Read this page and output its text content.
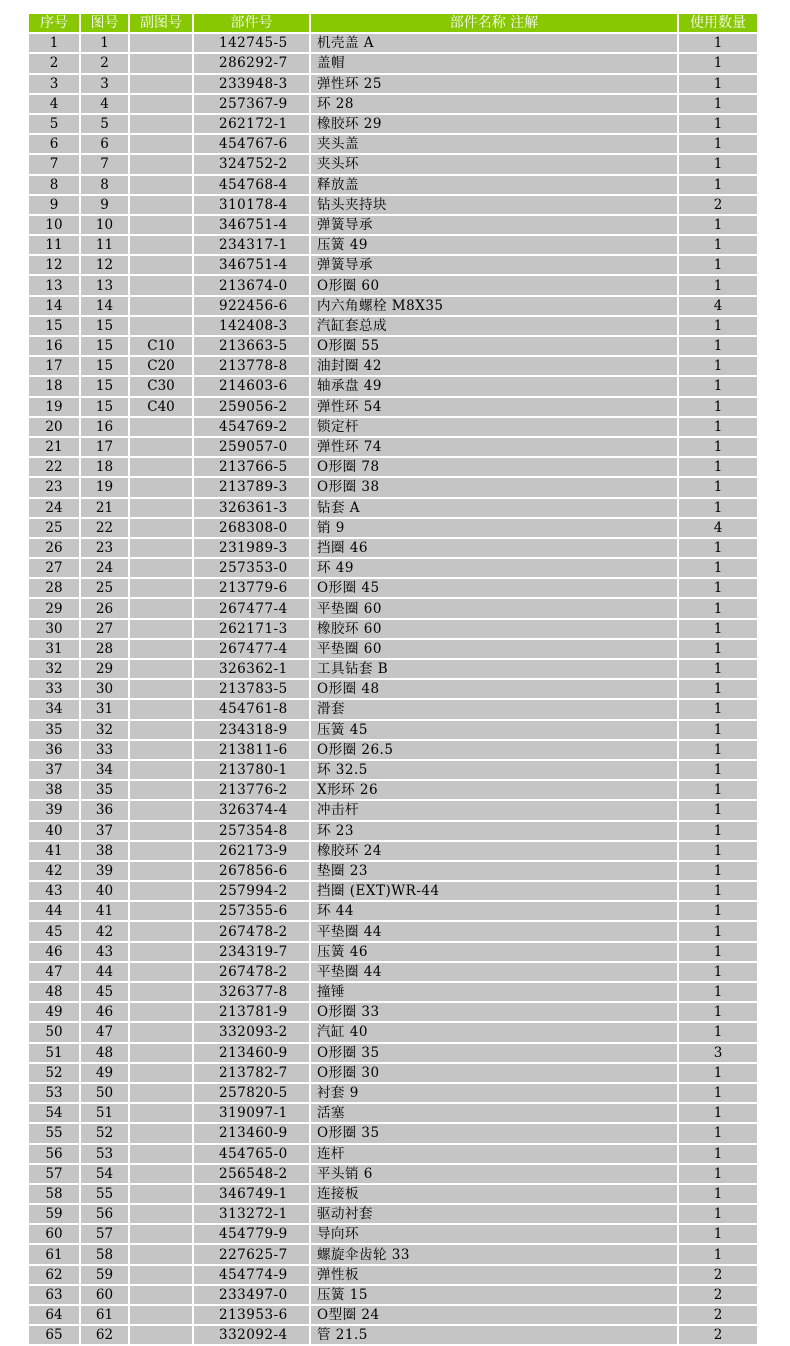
序号	图号	副图号	部件号	部件名称 注解	使用数量
1	1		142745-5	机壳盖 A	1
2	2		286292-7	盖帽	1
3	3		233948-3	弹性环 25	1
4	4		257367-9	环 28	1
5	5		262172-1	橡胶环 29	1
6	6		454767-6	夹头盖	1
7	7		324752-2	夹头环	1
8	8		454768-4	释放盖	1
9	9		310178-4	钻头夹持块	2
10	10		346751-4	弹簧导承	1
11	11		234317-1	压簧 49	1
12	12		346751-4	弹簧导承	1
13	13		213674-0	O形圈 60	1
14	14		922456-6	内六角螺栓 M8X35	4
15	15		142408-3	汽缸套总成	1
16	15	C10	213663-5	O形圈 55	1
17	15	C20	213778-8	油封圈 42	1
18	15	C30	214603-6	轴承盘 49	1
19	15	C40	259056-2	弹性环 54	1
20	16		454769-2	锁定杆	1
21	17		259057-0	弹性环 74	1
22	18		213766-5	O形圈 78	1
23	19		213789-3	O形圈 38	1
24	21		326361-3	钻套 A	1
25	22		268308-0	销 9	4
26	23		231989-3	挡圈 46	1
27	24		257353-0	环 49	1
28	25		213779-6	O形圈 45	1
29	26		267477-4	平垫圈 60	1
30	27		262171-3	橡胶环 60	1
31	28		267477-4	平垫圈 60	1
32	29		326362-1	工具钻套 B	1
33	30		213783-5	O形圈 48	1
34	31		454761-8	滑套	1
35	32		234318-9	压簧 45	1
36	33		213811-6	O形圈 26.5	1
37	34		213780-1	环 32.5	1
38	35		213776-2	X形环 26	1
39	36		326374-4	冲击杆	1
40	37		257354-8	环 23	1
41	38		262173-9	橡胶环 24	1
42	39		267856-6	垫圈 23	1
43	40		257994-2	挡圈 (EXT)WR-44	1
44	41		257355-6	环 44	1
45	42		267478-2	平垫圈 44	1
46	43		234319-7	压簧 46	1
47	44		267478-2	平垫圈 44	1
48	45		326377-8	撞锤	1
49	46		213781-9	O形圈 33	1
50	47		332093-2	汽缸 40	1
51	48		213460-9	O形圈 35	3
52	49		213782-7	O形圈 30	1
53	50		257820-5	衬套 9	1
54	51		319097-1	活塞	1
55	52		213460-9	O形圈 35	1
56	53		454765-0	连杆	1
57	54		256548-2	平头销 6	1
58	55		346749-1	连接板	1
59	56		313272-1	驱动衬套	1
60	57		454779-9	导向环	1
61	58		227625-7	螺旋伞齿轮 33	1
62	59		454774-9	弹性板	2
63	60		233497-0	压簧 15	2
64	61		213953-6	O型圈 24	2
65	62		332092-4	管 21.5	2
